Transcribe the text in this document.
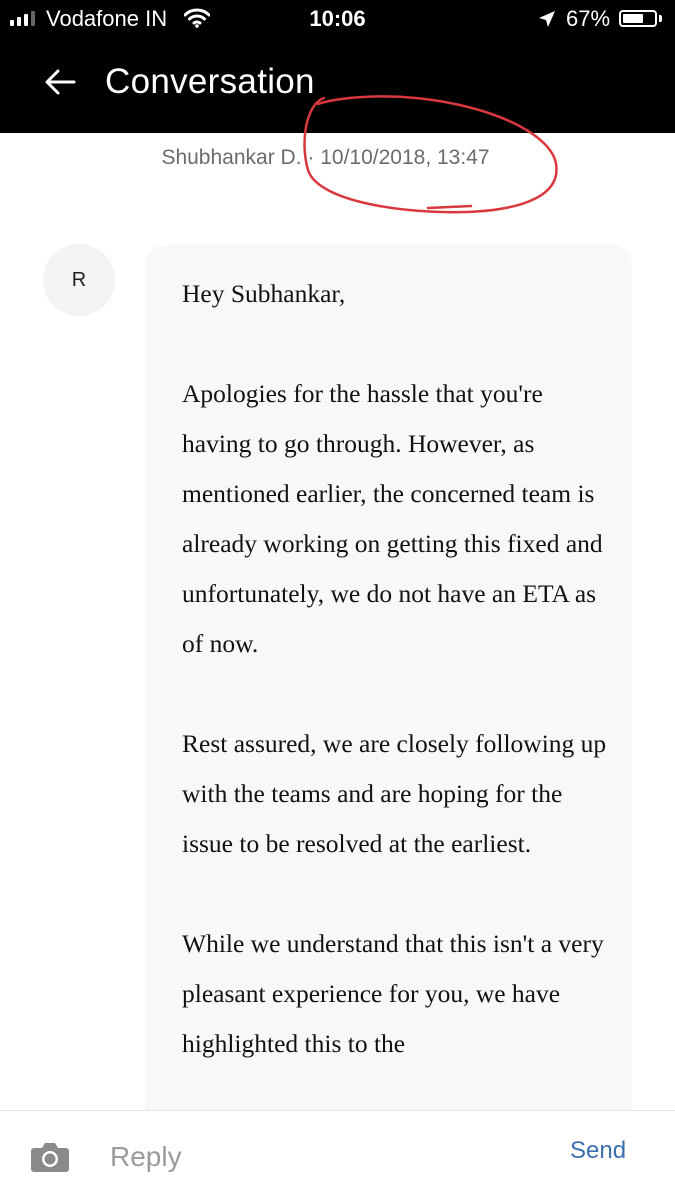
Vodafone IN	10:06	67%
Conversation
Shubhankar D. · 10/10/2018, 13:47
R	Hey Subhankar,

Apologies for the hassle that you're having to go through. However, as mentioned earlier, the concerned team is already working on getting this fixed and unfortunately, we do not have an ETA as of now.

Rest assured, we are closely following up with the teams and are hoping for the issue to be resolved at the earliest.

While we understand that this isn't a very pleasant experience for you, we have highlighted this to the

Reply
Send
